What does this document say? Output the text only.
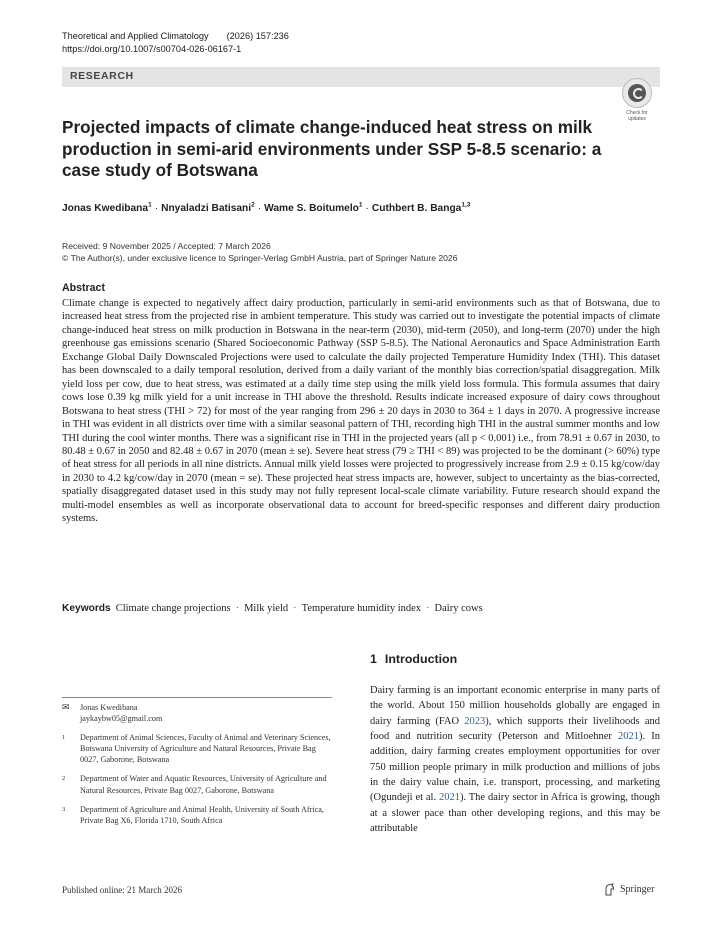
Theoretical and Applied Climatology (2026) 157:236
https://doi.org/10.1007/s00704-026-06167-1
RESEARCH
Check for updates
Projected impacts of climate change-induced heat stress on milk production in semi-arid environments under SSP 5-8.5 scenario: a case study of Botswana
Jonas Kwedibana$^1$ · Nnyaladzi Batisani$^2$ · Wame S. Boitumelo$^1$ · Cuthbert B. Banga$^{1,3}$
Received: 9 November 2025 / Accepted: 7 March 2026
© The Author(s), under exclusive licence to Springer-Verlag GmbH Austria, part of Springer Nature 2026
Abstract
Climate change is expected to negatively affect dairy production, particularly in semi-arid environments such as that of Botswana, due to increased heat stress from the projected rise in ambient temperature. This study was carried out to investigate the potential impacts of climate change-induced heat stress on milk production in Botswana in the near-term (2030), mid-term (2050), and long-term (2070) under the high greenhouse gas emissions scenario (Shared Socioeconomic Pathway (SSP 5-8.5). The National Aeronautics and Space Administration Earth Exchange Global Daily Downscaled Projections were used to calculate the daily projected Temperature Humidity Index (THI). This dataset has been downscaled to a daily temporal resolution, derived from a daily variant of the monthly bias correction/spatial disaggregation. Milk yield loss per cow, due to heat stress, was estimated at a daily time step using the milk yield loss formula. This formula assumes that dairy cows lose 0.39 kg milk yield for a unit increase in THI above the threshold. Results indicate increased exposure of dairy cows throughout Botswana to heat stress (THI > 72) for most of the year ranging from 296 ± 20 days in 2030 to 364 ± 1 days in 2070. A progressive increase in THI was evident in all districts over time with a similar seasonal pattern of THI, recording high THI in the austral summer months and low THI during the cool winter months. There was a significant rise in THI in the projected years (all p < 0.001) i.e., from 78.91 ± 0.67 in 2030, to 80.48 ± 0.67 in 2050 and 82.48 ± 0.67 in 2070 (mean ± se). Severe heat stress (79 ≥ THI < 89) was projected to be the dominant (> 60%) type of heat stress for all periods in all nine districts. Annual milk yield losses were projected to progressively increase from 2.9 ± 0.15 kg/cow/day in 2030 to 4.2 kg/cow/day in 2070 (mean = se). These projected heat stress impacts are, however, subject to uncertainty as the bias-corrected, spatially disaggregated dataset used in this study may not fully represent local-scale climate variability. Future research should expand the multi-model ensembles as well as incorporate observational data to account for breed-specific responses and different dairy production systems.
Keywords Climate change projections · Milk yield · Temperature humidity index · Dairy cows
1 Introduction
Dairy farming is an important economic enterprise in many parts of the world. About 150 million households globally are engaged in dairy farming (FAO 2023), which supports their livelihoods and food and nutrition security (Peterson and Mitloehner 2021). In addition, dairy farming creates employment opportunities for over 750 million people primary in milk production and millions of jobs in the dairy value chain, i.e. transport, processing, and marketing (Ogundeji et al. 2021). The dairy sector in Africa is growing, though at a slower pace than other developing regions, and this may be attributable
✉	Jonas Kwedibana
jaykaybw05@gmail.com
1	Department of Animal Sciences, Faculty of Animal and Veterinary Sciences, Botswana University of Agriculture and Natural Resources, Private Bag 0027, Gaborone, Botswana
2	Department of Water and Aquatic Resources, University of Agriculture and Natural Resources, Private Bag 0027, Gaborone, Botswana
3	Department of Agriculture and Animal Health, University of South Africa, Private Bag X6, Florida 1710, South Africa
Published online: 21 March 2026	Springer
